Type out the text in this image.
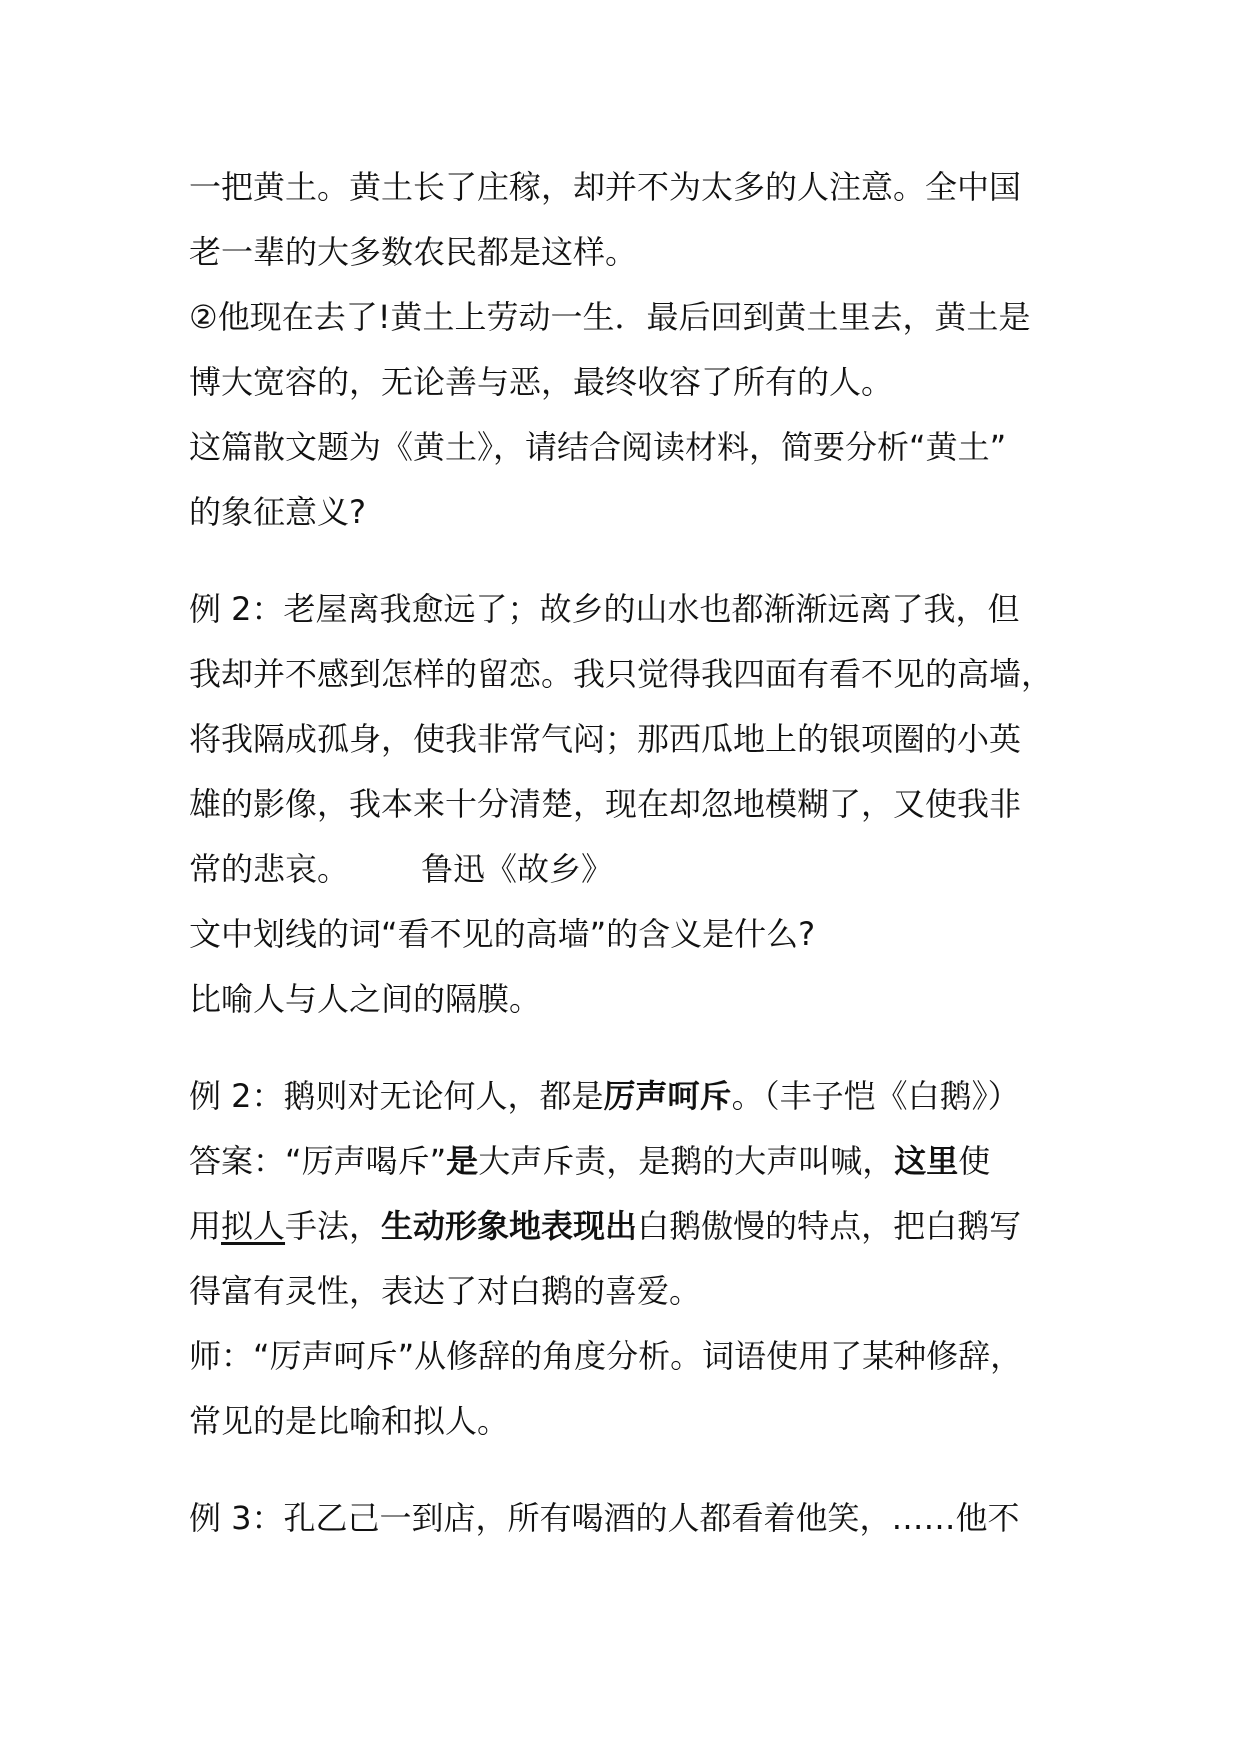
一把黄土。黄土长了庄稼，却并不为太多的人注意。全中国
老一辈的大多数农民都是这样。
②他现在去了!黄土上劳动一生．最后回到黄土里去，黄土是
博大宽容的，无论善与恶，最终收容了所有的人。
这篇散文题为《黄土》，请结合阅读材料，简要分析“黄土”
的象征意义?
例 2：老屋离我愈远了；故乡的山水也都渐渐远离了我，但
我却并不感到怎样的留恋。我只觉得我四面有看不见的高墙，
将我隔成孤身，使我非常气闷；那西瓜地上的银项圈的小英
雄的影像，我本来十分清楚，现在却忽地模糊了，又使我非
常的悲哀。 鲁迅《故乡》
文中划线的词“看不见的高墙”的含义是什么?
比喻人与人之间的隔膜。
例 2：鹅则对无论何人，都是厉声呵斥。（丰子恺《白鹅》）
答案：“厉声喝斥”是大声斥责，是鹅的大声叫喊，这里使
用拟人手法，生动形象地表现出白鹅傲慢的特点，把白鹅写
得富有灵性，表达了对白鹅的喜爱。
师：“厉声呵斥”从修辞的角度分析。词语使用了某种修辞，
常见的是比喻和拟人。
例 3：孔乙己一到店，所有喝酒的人都看着他笑，……他不
